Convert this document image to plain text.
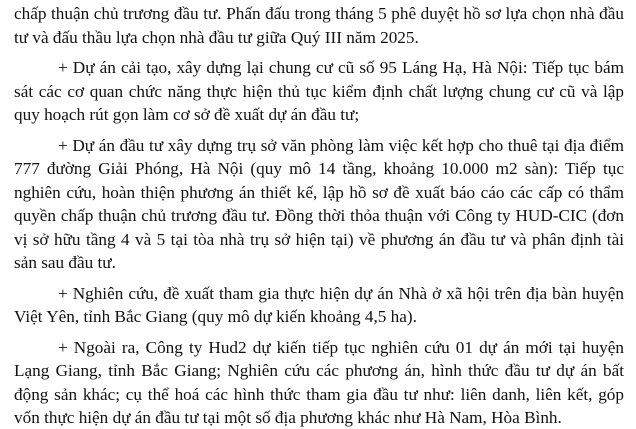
chấp thuận chủ trương đầu tư. Phấn đấu trong tháng 5 phê duyệt hồ sơ lựa chọn nhà đầu tư và đấu thầu lựa chọn nhà đầu tư giữa Quý III năm 2025.

+ Dự án cải tạo, xây dựng lại chung cư cũ số 95 Láng Hạ, Hà Nội: Tiếp tục bám sát các cơ quan chức năng thực hiện thủ tục kiểm định chất lượng chung cư cũ và lập quy hoạch rút gọn làm cơ sở đề xuất dự án đầu tư;

+ Dự án đầu tư xây dựng trụ sở văn phòng làm việc kết hợp cho thuê tại địa điểm 777 đường Giải Phóng, Hà Nội (quy mô 14 tầng, khoảng 10.000 m2 sàn): Tiếp tục nghiên cứu, hoàn thiện phương án thiết kế, lập hồ sơ đề xuất báo cáo các cấp có thẩm quyền chấp thuận chủ trương đầu tư. Đồng thời thỏa thuận với Công ty HUD-CIC (đơn vị sở hữu tầng 4 và 5 tại tòa nhà trụ sở hiện tại) về phương án đầu tư và phân định tài sản sau đầu tư.

+ Nghiên cứu, đề xuất tham gia thực hiện dự án Nhà ở xã hội trên địa bàn huyện Việt Yên, tỉnh Bắc Giang (quy mô dự kiến khoảng 4,5 ha).

+ Ngoài ra, Công ty Hud2 dự kiến tiếp tục nghiên cứu 01 dự án mới tại huyện Lạng Giang, tỉnh Bắc Giang; Nghiên cứu các phương án, hình thức đầu tư dự án bất động sản khác; cụ thể hoá các hình thức tham gia đầu tư như: liên danh, liên kết, góp vốn thực hiện dự án đầu tư tại một số địa phương khác như Hà Nam, Hòa Bình.
